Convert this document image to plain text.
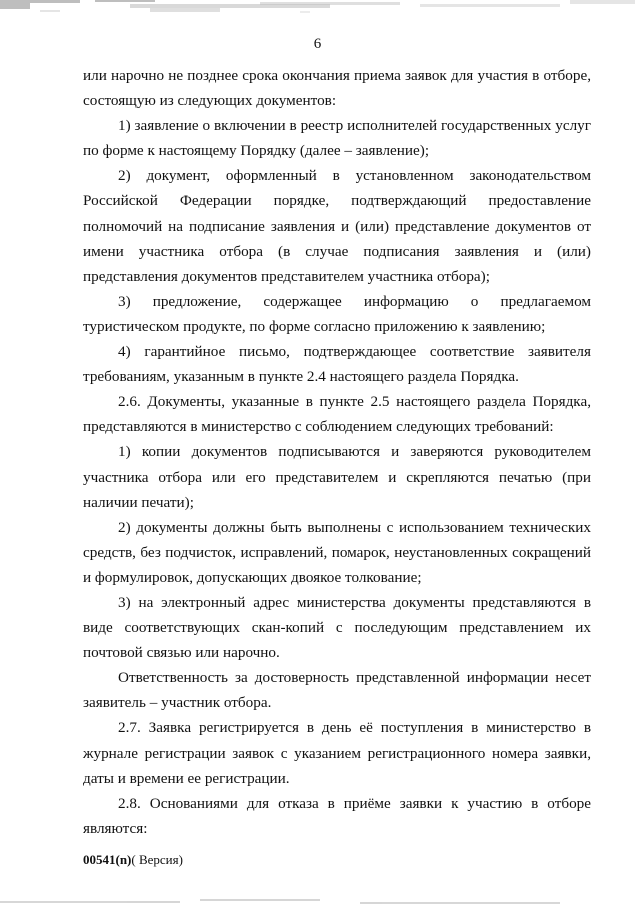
6

или нарочно не позднее срока окончания приема заявок для участия в отборе, состоящую из следующих документов:

1) заявление о включении в реестр исполнителей государственных услуг по форме к настоящему Порядку (далее – заявление);

2) документ, оформленный в установленном законодательством Российской Федерации порядке, подтверждающий предоставление полномочий на подписание заявления и (или) представление документов от имени участника отбора (в случае подписания заявления и (или) представления документов представителем участника отбора);

3) предложение, содержащее информацию о предлагаемом туристическом продукте, по форме согласно приложению к заявлению;

4) гарантийное письмо, подтверждающее соответствие заявителя требованиям, указанным в пункте 2.4 настоящего раздела Порядка.

2.6. Документы, указанные в пункте 2.5 настоящего раздела Порядка, представляются в министерство с соблюдением следующих требований:

1) копии документов подписываются и заверяются руководителем участника отбора или его представителем и скрепляются печатью (при наличии печати);

2) документы должны быть выполнены с использованием технических средств, без подчисток, исправлений, помарок, неустановленных сокращений и формулировок, допускающих двоякое толкование;

3) на электронный адрес министерства документы представляются в виде соответствующих скан-копий с последующим представлением их почтовой связью или нарочно.

Ответственность за достоверность представленной информации несет заявитель – участник отбора.

2.7. Заявка регистрируется в день её поступления в министерство в журнале регистрации заявок с указанием регистрационного номера заявки, даты и времени ее регистрации.

2.8. Основаниями для отказа в приёме заявки к участию в отборе являются:

00541(n)( Версия)
